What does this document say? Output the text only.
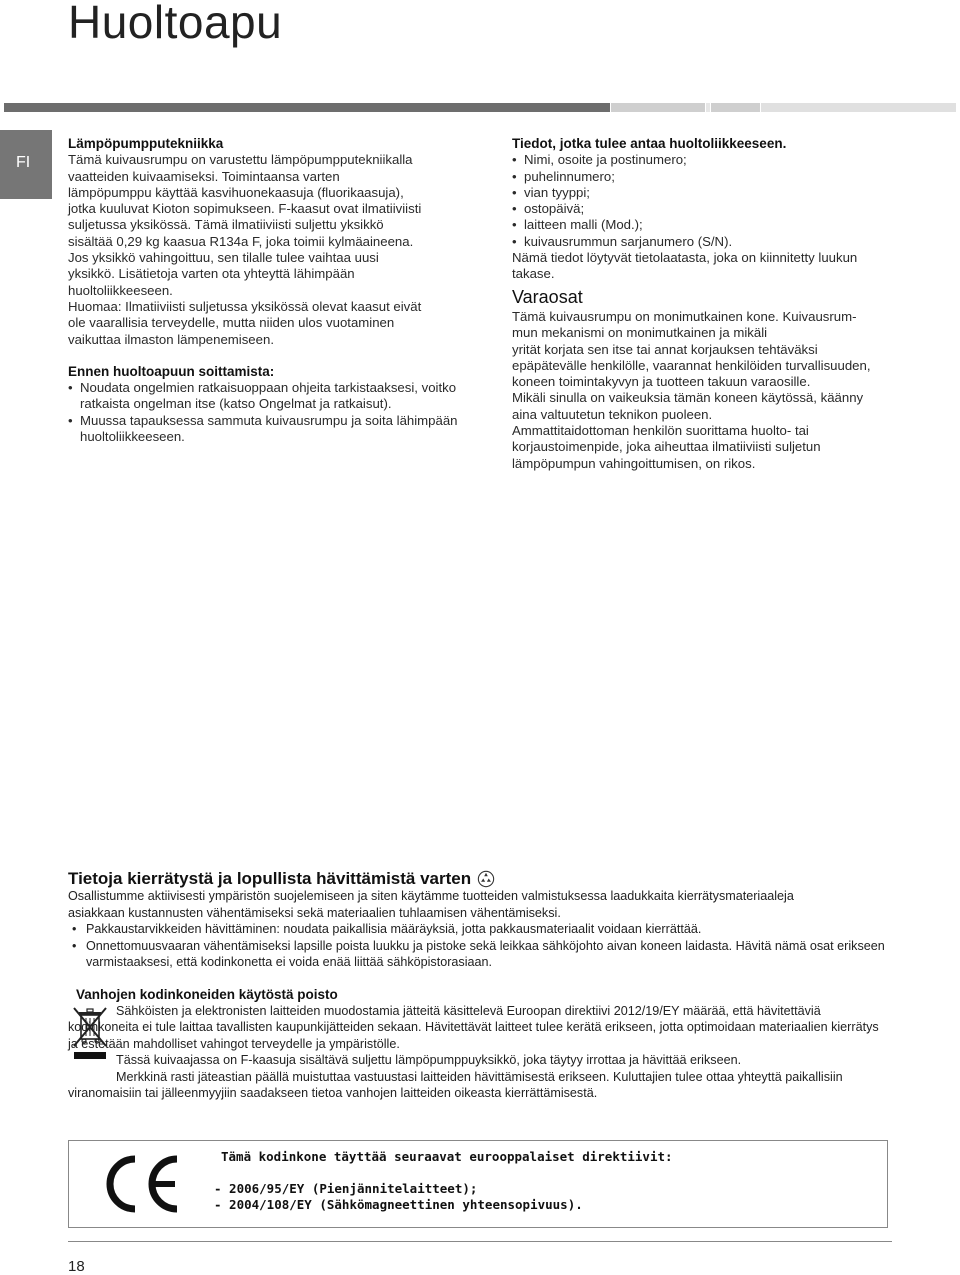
Huoltoapu
FI

Lämpöpumpputekniikka

Tämä kuivausrumpu on varustettu lämpöpumpputekniikalla

vaatteiden kuivaamiseksi. Toimintaansa varten

lämpöpumppu käyttää kasvihuonekaasuja (fluorikaasuja),

jotka kuuluvat Kioton sopimukseen. F-kaasut ovat ilmatiiviisti

suljetussa yksikössä. Tämä ilmatiiviisti suljettu yksikkö

sisältää 0,29 kg kaasua R134a F, joka toimii kylmäaineena.

Jos yksikkö vahingoittuu, sen tilalle tulee vaihtaa uusi

yksikkö. Lisätietoja varten ota yhteyttä lähimpään

huoltoliikkeeseen.

Huomaa: Ilmatiiviisti suljetussa yksikössä olevat kaasut eivät

ole vaarallisia terveydelle, mutta niiden ulos vuotaminen

vaikuttaa ilmaston lämpenemiseen.

Ennen huoltoapuun soittamista:

• Noudata ongelmien ratkaisuoppaan ohjeita tarkistaaksesi, voitko ratkaista ongelman itse (katso Ongelmat ja ratkaisut).
• Muussa tapauksessa sammuta kuivausrumpu ja soita lähimpään huoltoliikkeeseen.

Tiedot, jotka tulee antaa huoltoliikkeeseen.

• Nimi, osoite ja postinumero;
• puhelinnumero;
• vian tyyppi;
• ostopäivä;
• laitteen malli (Mod.);
• kuivausrummun sarjanumero (S/N).

Nämä tiedot löytyvät tietolaatasta, joka on kiinnitetty luukun

takase.

Varaosat

Tämä kuivausrumpu on monimutkainen kone. Kuivausrum-

mun mekanismi on monimutkainen ja mikäli

yrität korjata sen itse tai annat korjauksen tehtäväksi

epäpätevälle henkilölle, vaarannat henkilöiden turvallisuuden,

koneen toimintakyvyn ja tuotteen takuun varaosille.

Mikäli sinulla on vaikeuksia tämän koneen käytössä, käänny

aina valtuutetun teknikon puoleen.

Ammattitaidottoman henkilön suorittama huolto- tai

korjaustoimenpide, joka aiheuttaa ilmatiiviisti suljetun

lämpöpumpun vahingoittumisen, on rikos.

Tietoja kierrätystä ja lopullista hävittämistä varten

Osallistumme aktiivisesti ympäristön suojelemiseen ja siten käytämme tuotteiden valmistuksessa laadukkaita kierrätysmateriaaleja

asiakkaan kustannusten vähentämiseksi sekä materiaalien tuhlaamisen vähentämiseksi.

• Pakkaustarvikkeiden hävittäminen: noudata paikallisia määräyksiä, jotta pakkausmateriaalit voidaan kierrättää.
• Onnettomuusvaaran vähentämiseksi lapsille poista luukku ja pistoke sekä leikkaa sähköjohto aivan koneen laidasta. Hävitä nämä osat erikseen varmistaaksesi, että kodinkonetta ei voida enää liittää sähköpistorasiaan.

Vanhojen kodinkoneiden käytöstä poisto

Sähköisten ja elektronisten laitteiden muodostamia jätteitä käsittelevä Euroopan direktiivi 2012/19/EY määrää, että hävitettäviä kodinkoneita ei tule laittaa tavallisten kaupunkijätteiden sekaan. Hävitettävät laitteet tulee kerätä erikseen, jotta optimoidaan materiaalien kierrätys ja estetään mahdolliset vahingot terveydelle ja ympäristölle.

Tässä kuivaajassa on F-kaasuja sisältävä suljettu lämpöpumppuyksikkö, joka täytyy irrottaa ja hävittää erikseen.

Merkkinä rasti jäteastian päällä muistuttaa vastuustasi laitteiden hävittämisestä erikseen. Kuluttajien tulee ottaa yhteyttä paikallisiin viranomaisiin tai jälleenmyyjiin saadakseen tietoa vanhojen laitteiden oikeasta kierrättämisestä.

Tämä kodinkone täyttää seuraavat eurooppalaiset direktiivit:
- 2006/95/EY (Pienjännitelaitteet);
- 2004/108/EY (Sähkömagneettinen yhteensopivuus).
18
